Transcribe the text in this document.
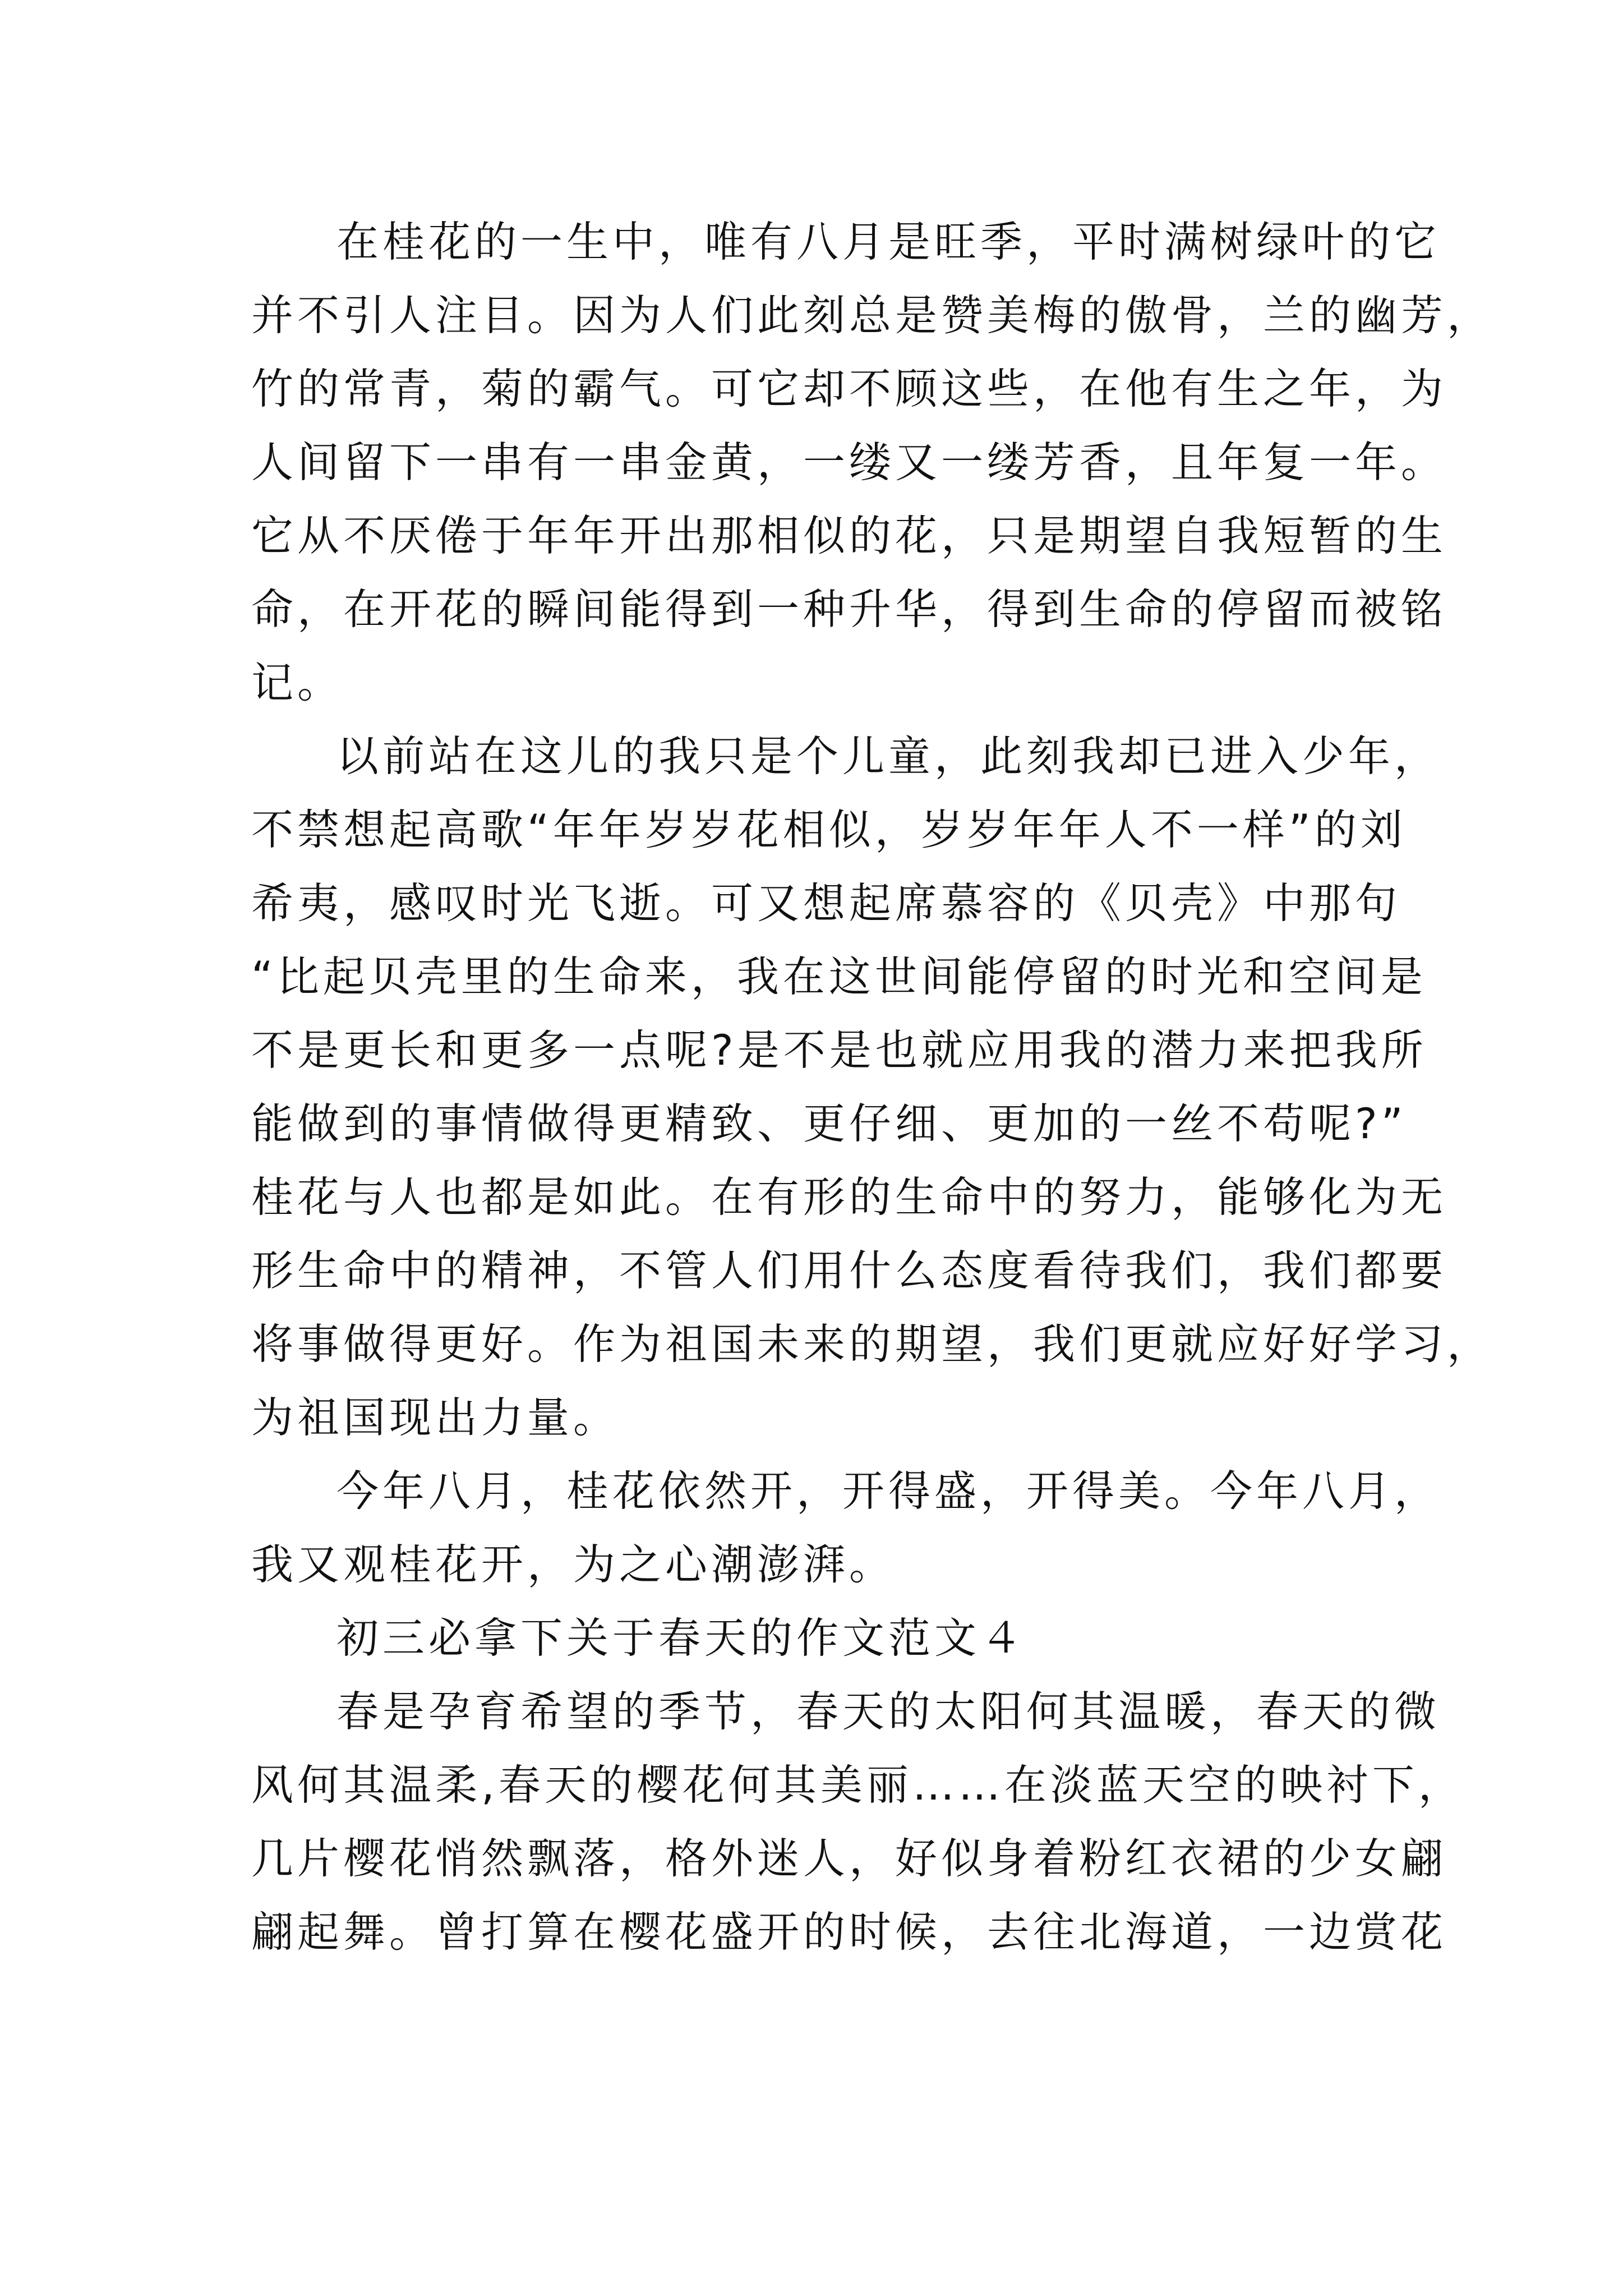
在桂花的一生中，唯有八月是旺季，平时满树绿叶的它
并不引人注目。因为人们此刻总是赞美梅的傲骨，兰的幽芳，
竹的常青，菊的霸气。可它却不顾这些，在他有生之年，为
人间留下一串有一串金黄，一缕又一缕芳香，且年复一年。
它从不厌倦于年年开出那相似的花，只是期望自我短暂的生
命，在开花的瞬间能得到一种升华，得到生命的停留而被铭
记。
以前站在这儿的我只是个儿童，此刻我却已进入少年，
不禁想起高歌“年年岁岁花相似，岁岁年年人不一样”的刘
希夷，感叹时光飞逝。可又想起席慕容的《贝壳》中那句
“比起贝壳里的生命来，我在这世间能停留的时光和空间是
不是更长和更多一点呢?是不是也就应用我的潜力来把我所
能做到的事情做得更精致、更仔细、更加的一丝不苟呢?”
桂花与人也都是如此。在有形的生命中的努力，能够化为无
形生命中的精神，不管人们用什么态度看待我们，我们都要
将事做得更好。作为祖国未来的期望，我们更就应好好学习，
为祖国现出力量。
今年八月，桂花依然开，开得盛，开得美。今年八月，
我又观桂花开，为之心潮澎湃。
初三必拿下关于春天的作文范文４
春是孕育希望的季节，春天的太阳何其温暖，春天的微
风何其温柔,春天的樱花何其美丽……在淡蓝天空的映衬下，
几片樱花悄然飘落，格外迷人，好似身着粉红衣裙的少女翩
翩起舞。曾打算在樱花盛开的时候，去往北海道，一边赏花
